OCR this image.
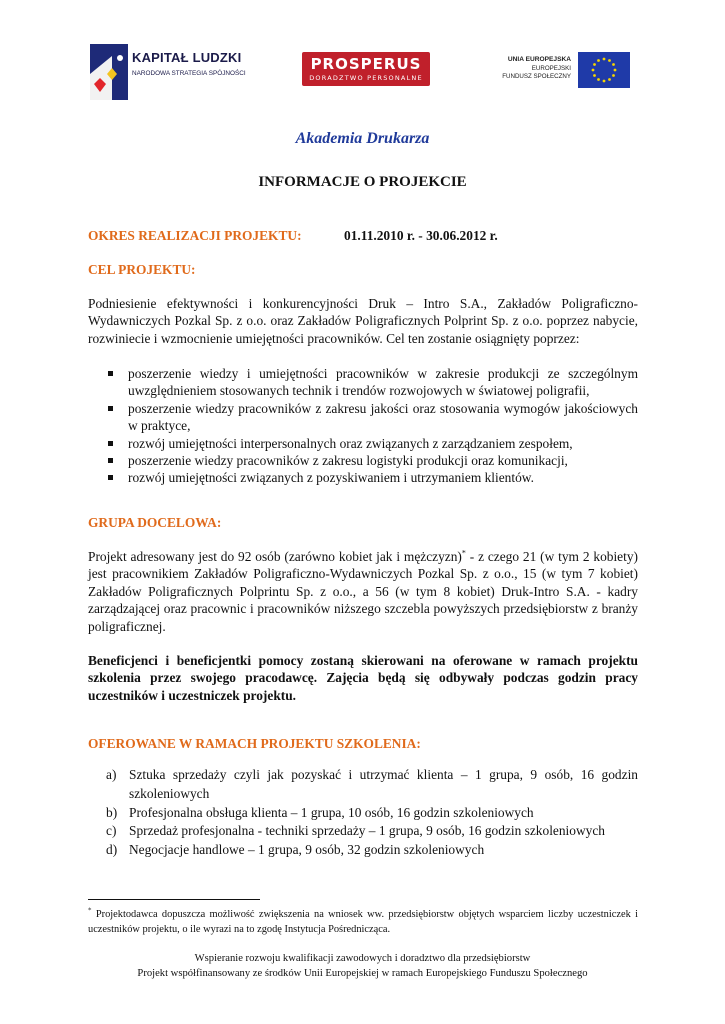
KAPITAŁ LUDZKI
NARODOWA STRATEGIA SPÓJNOŚCI
PROSPERUS
DORADZTWO PERSONALNE
UNIA EUROPEJSKA
EUROPEJSKI
FUNDUSZ SPOŁECZNY
Akademia Drukarza
INFORMACJE O PROJEKCIE
OKRES REALIZACJI PROJEKTU:	01.11.2010 r. - 30.06.2012 r.
CEL PROJEKTU:

Podniesienie efektywności i konkurencyjności Druk – Intro S.A., Zakładów Poligraficzno-Wydawniczych Pozkal Sp. z o.o. oraz Zakładów Poligraficznych Polprint Sp. z o.o. poprzez nabycie, rozwiniecie i wzmocnienie umiejętności pracowników. Cel ten zostanie osiągnięty poprzez:

poszerzenie wiedzy i umiejętności pracowników w zakresie produkcji ze szczególnym uwzględnieniem stosowanych technik i trendów rozwojowych w światowej poligrafii,
poszerzenie wiedzy pracowników z zakresu jakości oraz stosowania wymogów jakościowych w praktyce,
rozwój umiejętności interpersonalnych oraz związanych z zarządzaniem zespołem,
poszerzenie wiedzy pracowników z zakresu logistyki produkcji oraz komunikacji,
rozwój umiejętności związanych z pozyskiwaniem i utrzymaniem klientów.
GRUPA DOCELOWA:

Projekt adresowany jest do 92 osób (zarówno kobiet jak i mężczyzn)* - z czego 21 (w tym 2 kobiety) jest pracownikiem Zakładów Poligraficzno-Wydawniczych Pozkal Sp. z o.o., 15 (w tym 7 kobiet) Zakładów Poligraficznych Polprintu Sp. z o.o., a 56 (w tym 8 kobiet) Druk-Intro S.A. - kadry zarządzającej oraz pracownic i pracowników niższego szczebla powyższych przedsiębiorstw z branży poligraficznej.

Beneficjenci i beneficjentki pomocy zostaną skierowani na oferowane w ramach projektu szkolenia przez swojego pracodawcę. Zajęcia będą się odbywały podczas godzin pracy uczestników i uczestniczek projektu.

OFEROWANE W RAMACH PROJEKTU SZKOLENIA:
a) Sztuka sprzedaży czyli jak pozyskać i utrzymać klienta – 1 grupa, 9 osób, 16 godzin szkoleniowych
b) Profesjonalna obsługa klienta – 1 grupa, 10 osób, 16 godzin szkoleniowych
c) Sprzedaż profesjonalna - techniki sprzedaży – 1 grupa, 9 osób, 16 godzin szkoleniowych
d) Negocjacje handlowe – 1 grupa, 9 osób, 32 godzin szkoleniowych

* Projektodawca dopuszcza możliwość zwiększenia na wniosek ww. przedsiębiorstw objętych wsparciem liczby uczestniczek i uczestników projektu, o ile wyrazi na to zgodę Instytucja Pośrednicząca.

Wspieranie rozwoju kwalifikacji zawodowych i doradztwo dla przedsiębiorstw
Projekt współfinansowany ze środków Unii Europejskiej w ramach Europejskiego Funduszu Społecznego
